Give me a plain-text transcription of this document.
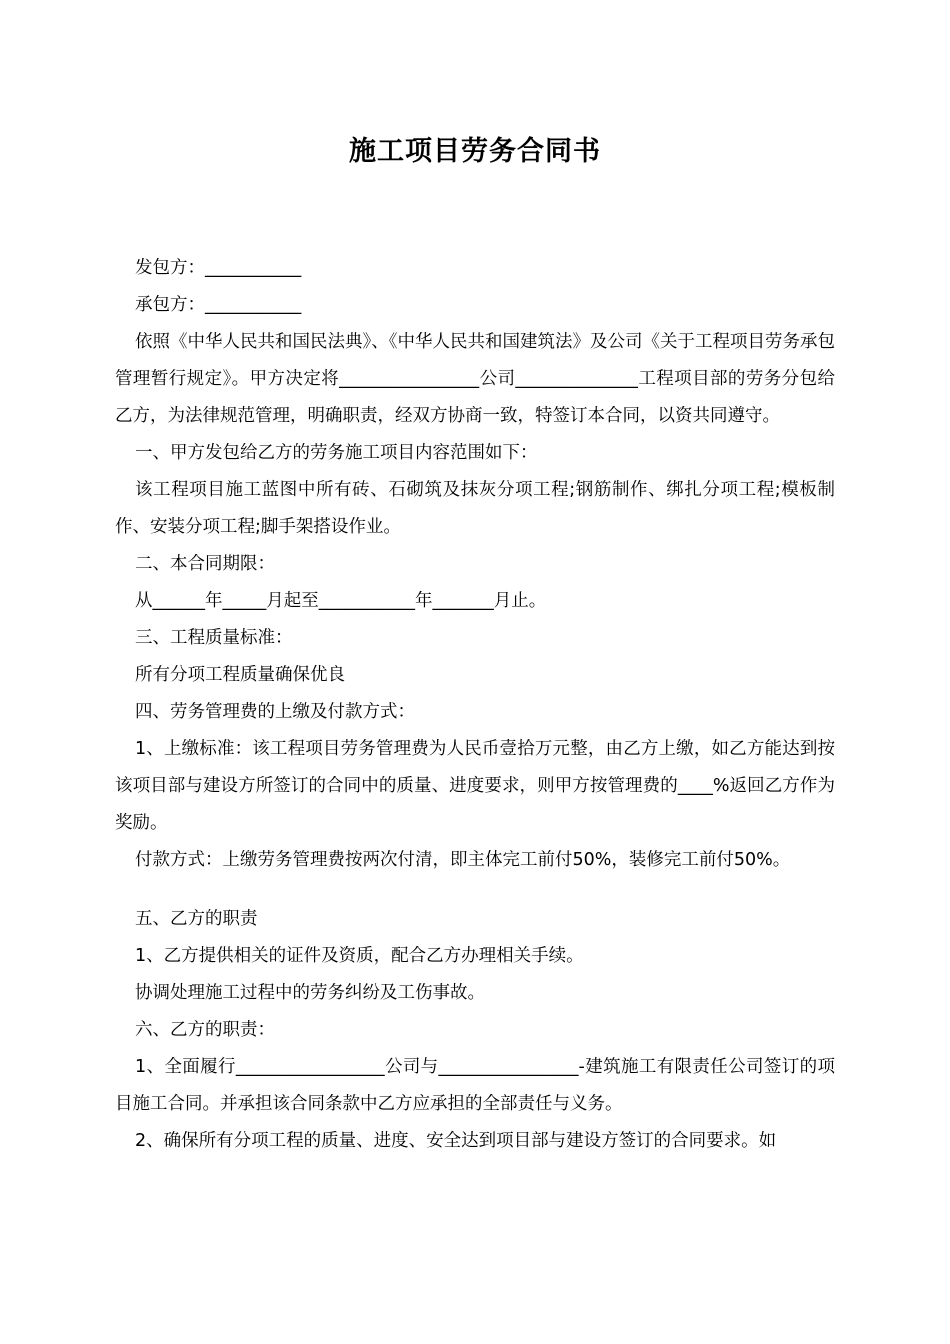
施工项目劳务合同书

发包方：___________

承包方：___________

依照《中华人民共和国民法典》、《中华人民共和国建筑法》及公司《关于工程项目劳务承包管理暂行规定》。甲方决定将________________公司______________工程项目部的劳务分包给乙方，为法律规范管理，明确职责，经双方协商一致，特签订本合同，以资共同遵守。

一、甲方发包给乙方的劳务施工项目内容范围如下：

该工程项目施工蓝图中所有砖、石砌筑及抹灰分项工程;钢筋制作、绑扎分项工程;模板制作、安装分项工程;脚手架搭设作业。

二、本合同期限：

从______年_____月起至___________年_______月止。

三、工程质量标准：

所有分项工程质量确保优良

四、劳务管理费的上缴及付款方式：

1、上缴标准：该工程项目劳务管理费为人民币壹拾万元整，由乙方上缴，如乙方能达到按该项目部与建设方所签订的合同中的质量、进度要求，则甲方按管理费的____%返回乙方作为奖励。

付款方式：上缴劳务管理费按两次付清，即主体完工前付50%，装修完工前付50%。

五、乙方的职责

1、乙方提供相关的证件及资质，配合乙方办理相关手续。

协调处理施工过程中的劳务纠纷及工伤事故。

六、乙方的职责：

1、全面履行_________________公司与________________-建筑施工有限责任公司签订的项目施工合同。并承担该合同条款中乙方应承担的全部责任与义务。

2、确保所有分项工程的质量、进度、安全达到项目部与建设方签订的合同要求。如
